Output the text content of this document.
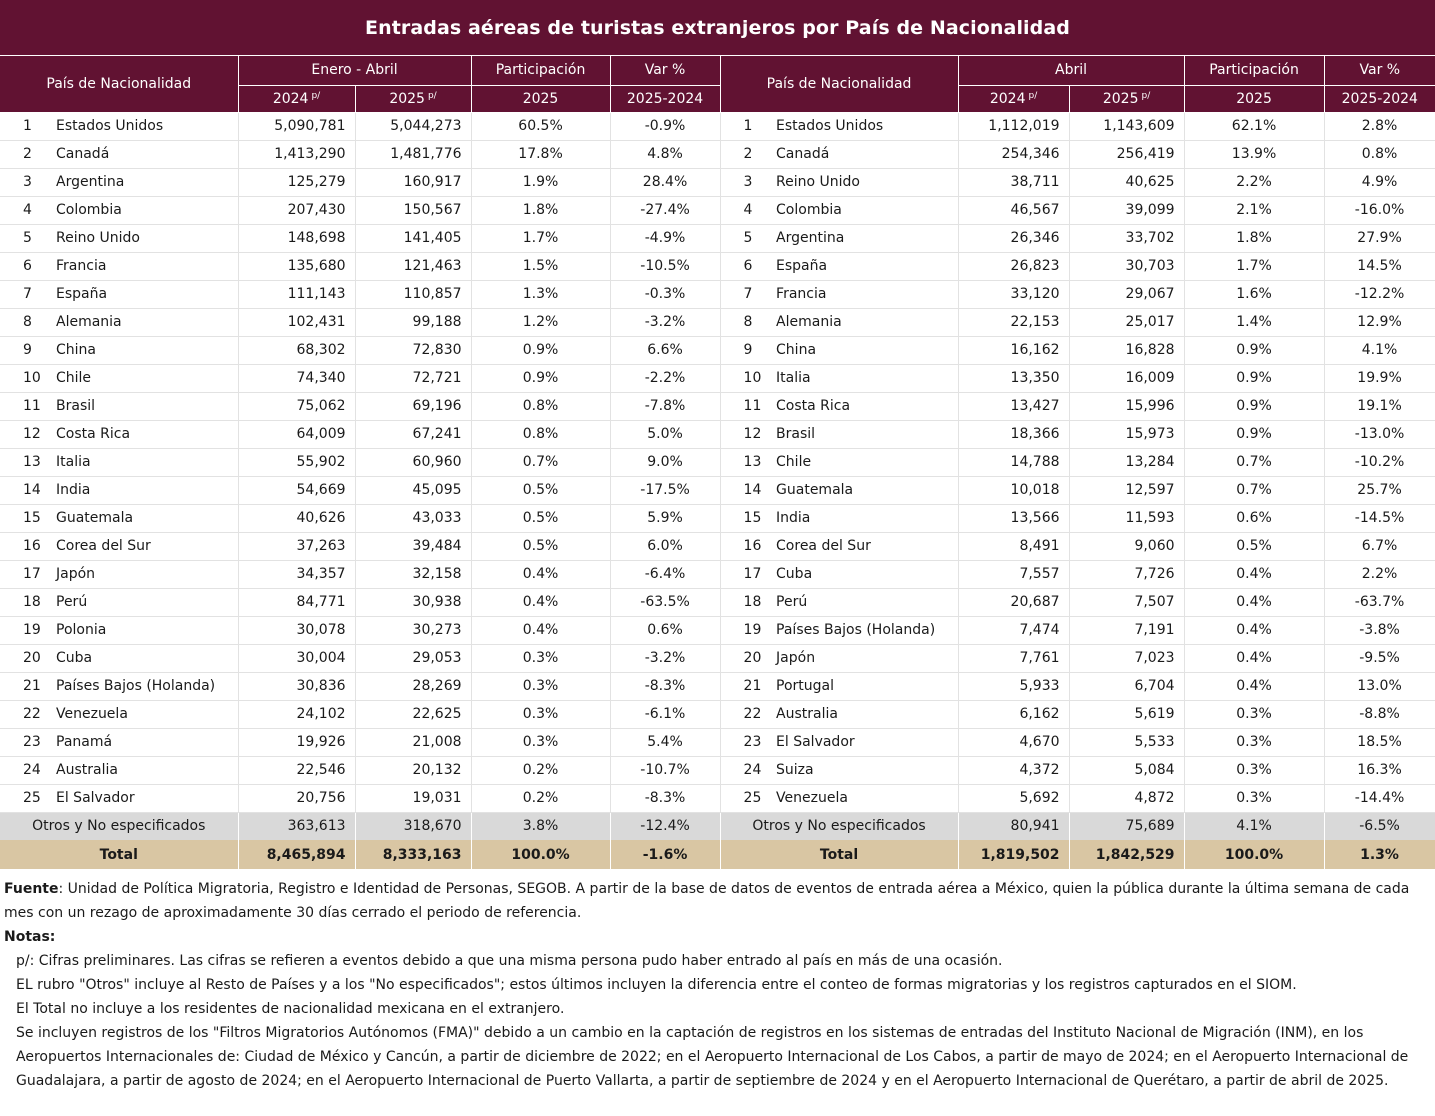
Entradas aéreas de turistas extranjeros por País de Nacionalidad
País de Nacionalidad		Enero - Abril		Participación	Var %	País de Nacionalidad		Abril		Participación	Var %
		2024 $^{p/}$	2025 $^{p/}$	2025	2025-2024			2024 $^{p/}$	2025 $^{p/}$	2025	2025-2024
1	Estados Unidos	5,090,781	5,044,273	60.5%	-0.9%	1	Estados Unidos	1,112,019	1,143,609	62.1%	2.8%
2	Canadá	1,413,290	1,481,776	17.8%	4.8%	2	Canadá	254,346	256,419	13.9%	0.8%
3	Argentina	125,279	160,917	1.9%	28.4%	3	Reino Unido	38,711	40,625	2.2%	4.9%
4	Colombia	207,430	150,567	1.8%	-27.4%	4	Colombia	46,567	39,099	2.1%	-16.0%
5	Reino Unido	148,698	141,405	1.7%	-4.9%	5	Argentina	26,346	33,702	1.8%	27.9%
6	Francia	135,680	121,463	1.5%	-10.5%	6	España	26,823	30,703	1.7%	14.5%
7	España	111,143	110,857	1.3%	-0.3%	7	Francia	33,120	29,067	1.6%	-12.2%
8	Alemania	102,431	99,188	1.2%	-3.2%	8	Alemania	22,153	25,017	1.4%	12.9%
9	China	68,302	72,830	0.9%	6.6%	9	China	16,162	16,828	0.9%	4.1%
10	Chile	74,340	72,721	0.9%	-2.2%	10	Italia	13,350	16,009	0.9%	19.9%
11	Brasil	75,062	69,196	0.8%	-7.8%	11	Costa Rica	13,427	15,996	0.9%	19.1%
12	Costa Rica	64,009	67,241	0.8%	5.0%	12	Brasil	18,366	15,973	0.9%	-13.0%
13	Italia	55,902	60,960	0.7%	9.0%	13	Chile	14,788	13,284	0.7%	-10.2%
14	India	54,669	45,095	0.5%	-17.5%	14	Guatemala	10,018	12,597	0.7%	25.7%
15	Guatemala	40,626	43,033	0.5%	5.9%	15	India	13,566	11,593	0.6%	-14.5%
16	Corea del Sur	37,263	39,484	0.5%	6.0%	16	Corea del Sur	8,491	9,060	0.5%	6.7%
17	Japón	34,357	32,158	0.4%	-6.4%	17	Cuba	7,557	7,726	0.4%	2.2%
18	Perú	84,771	30,938	0.4%	-63.5%	18	Perú	20,687	7,507	0.4%	-63.7%
19	Polonia	30,078	30,273	0.4%	0.6%	19	Países Bajos (Holanda)	7,474	7,191	0.4%	-3.8%
20	Cuba	30,004	29,053	0.3%	-3.2%	20	Japón	7,761	7,023	0.4%	-9.5%
21	Países Bajos (Holanda)	30,836	28,269	0.3%	-8.3%	21	Portugal	5,933	6,704	0.4%	13.0%
22	Venezuela	24,102	22,625	0.3%	-6.1%	22	Australia	6,162	5,619	0.3%	-8.8%
23	Panamá	19,926	21,008	0.3%	5.4%	23	El Salvador	4,670	5,533	0.3%	18.5%
24	Australia	22,546	20,132	0.2%	-10.7%	24	Suiza	4,372	5,084	0.3%	16.3%
25	El Salvador	20,756	19,031	0.2%	-8.3%	25	Venezuela	5,692	4,872	0.3%	-14.4%
Otros y No especificados		363,613	318,670	3.8%	-12.4%	Otros y No especificados		80,941	75,689	4.1%	-6.5%
Total		8,465,894	8,333,163	100.0%	-1.6%	Total		1,819,502	1,842,529	100.0%	1.3%

Fuente: Unidad de Política Migratoria, Registro e Identidad de Personas, SEGOB. A partir de la base de datos de eventos de entrada aérea a México, quien la pública durante la última semana de cada mes con un rezago de aproximadamente 30 días cerrado el periodo de referencia.

Notas:

p/: Cifras preliminares. Las cifras se refieren a eventos debido a que una misma persona pudo haber entrado al país en más de una ocasión.

EL rubro "Otros" incluye al Resto de Países y a los "No especificados"; estos últimos incluyen la diferencia entre el conteo de formas migratorias y los registros capturados en el SIOM.

El Total no incluye a los residentes de nacionalidad mexicana en el extranjero.

Se incluyen registros de los "Filtros Migratorios Autónomos (FMA)" debido a un cambio en la captación de registros en los sistemas de entradas del Instituto Nacional de Migración (INM), en los Aeropuertos Internacionales de: Ciudad de México y Cancún, a partir de diciembre de 2022; en el Aeropuerto Internacional de Los Cabos, a partir de mayo de 2024; en el Aeropuerto Internacional de Guadalajara, a partir de agosto de 2024; en el Aeropuerto Internacional de Puerto Vallarta, a partir de septiembre de 2024 y en el Aeropuerto Internacional de Querétaro, a partir de abril de 2025.
